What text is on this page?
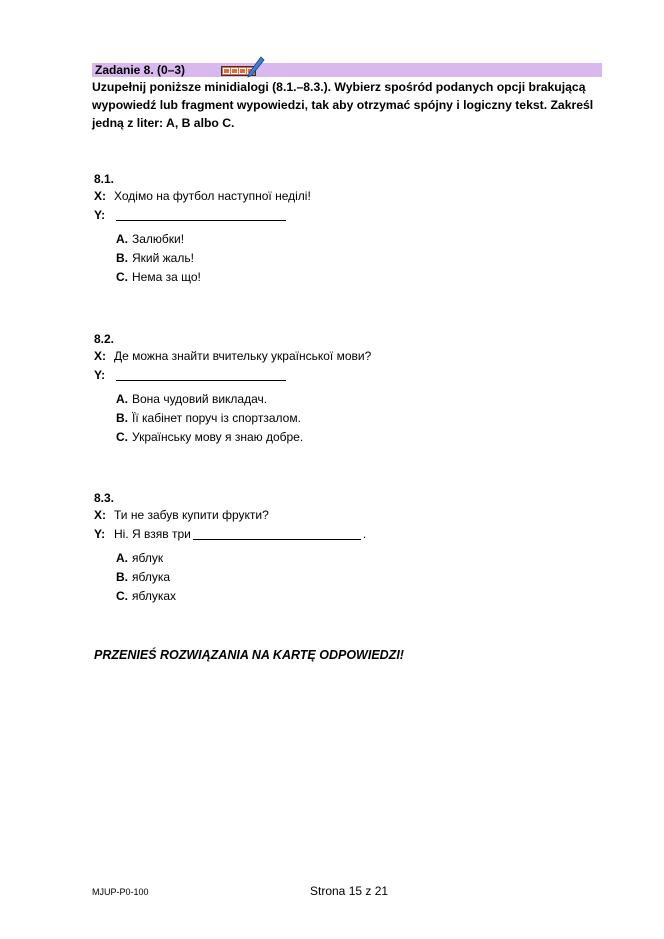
Zadanie 8. (0–3)

Uzupełnij poniższe minidialogi (8.1.–8.3.). Wybierz spośród podanych opcji brakującą wypowiedź lub fragment wypowiedzi, tak aby otrzymać spójny i logiczny tekst. Zakreśl jedną z liter: A, B albo C.

8.1.
X: Ходімо на футбол наступної неділі!
Y:
A. Залюбки!
B. Який жаль!
C. Нема за що!
8.2.
X: Де можна знайти вчительку української мови?
Y:
A. Вона чудовий викладач.
B. Її кабінет поруч із спортзалом.
C. Українську мову я знаю добре.
8.3.
X: Ти не забув купити фрукти?
Y: Ні. Я взяв три	.
A. яблук
B. яблука
C. яблуках
PRZENIEŚ ROZWIĄZANIA NA KARTĘ ODPOWIEDZI!
MJUP-P0-100	Strona 15 z 21
